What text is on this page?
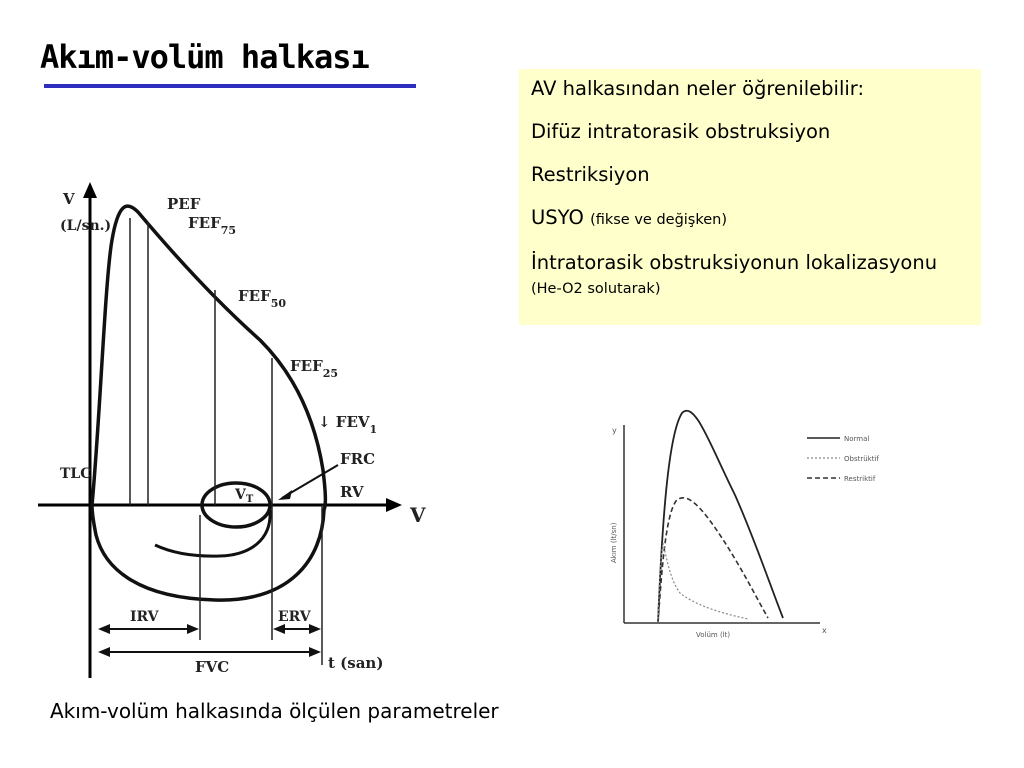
Akım-volüm halkası

AV halkasından neler öğrenilebilir:

Difüz intratorasik obstruksiyon

Restriksiyon

USYO (fikse ve değişken)

İntratorasik obstruksiyonun lokalizasyonu (He-O2 solutarak)

V
(L/sn.)
V
PEF
$FEF_{75}$
$FEF_{50}$
$FEF_{25}$
↓ $FEV_1$
FRC
TLC
RV
$V_T$
IRV	ERV
FVC	t (san)
y
x
Akım (lt/sn)
Volüm (lt)
Normal
Obstrüktif
Restriktif
Akım-volüm halkasında ölçülen parametreler
